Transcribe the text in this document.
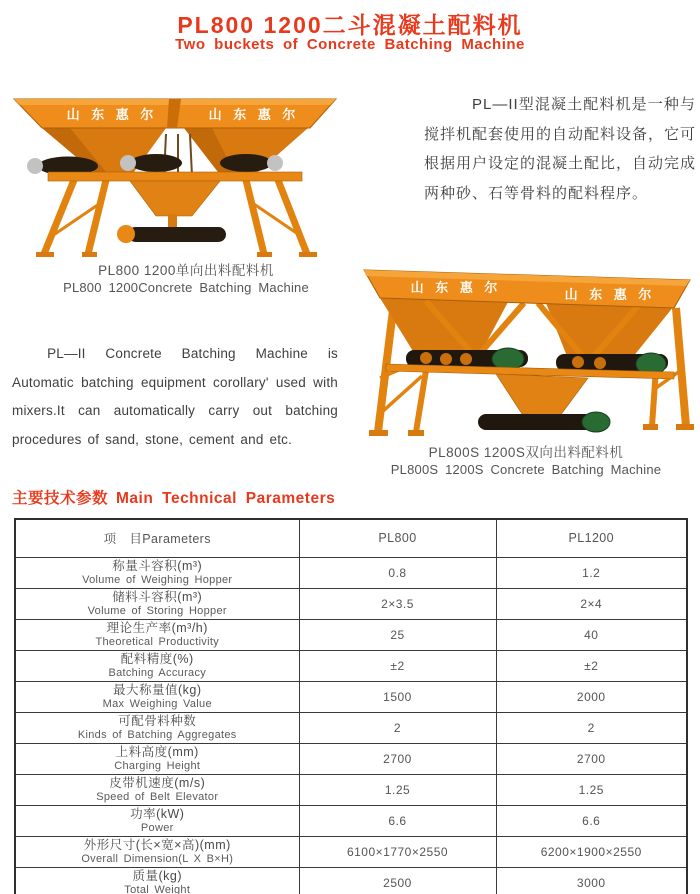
PL800 1200二斗混凝土配料机
Two buckets of Concrete Batching Machine
山 东 惠 尔	山 东 惠 尔

PL—II型混凝土配料机是一种与搅拌机配套使用的自动配料设备，它可根据用户设定的混凝土配比，自动完成两种砂、石等骨料的配料程序。

PL800 1200单向出料配料机
PL800 1200Concrete Batching Machine

PL—II Concrete Batching Machine is Automatic batching equipment corollary' used with mixers.It can automatically carry out batching procedures of sand, stone, cement and etc.

山 东 惠 尔	山 东 惠 尔
PL800S 1200S双向出料配料机
PL800S 1200S Concrete Batching Machine
主要技术参数 Main Technical Parameters
项　目Parameters	PL800	PL1200

称量斗容积(m³)
Volume of Weighing Hopper	0.8	1.2

储料斗容积(m³)
Volume of Storing Hopper	2×3.5	2×4

理论生产率(m³/h)
Theoretical Productivity	25	40

配料精度(%)
Batching Accuracy	±2	±2

最大称量值(kg)
Max Weighing Value	1500	2000

可配骨料种数
Kinds of Batching Aggregates	2	2

上料高度(mm)
Charging Height	2700	2700

皮带机速度(m/s)
Speed of Belt Elevator	1.25	1.25

功率(kW)
Power	6.6	6.6

外形尺寸(长×宽×高)(mm)
Overall Dimension(L X B×H)	6100×1770×2550	6200×1900×2550

质量(kg)
Total Weight	2500	3000
